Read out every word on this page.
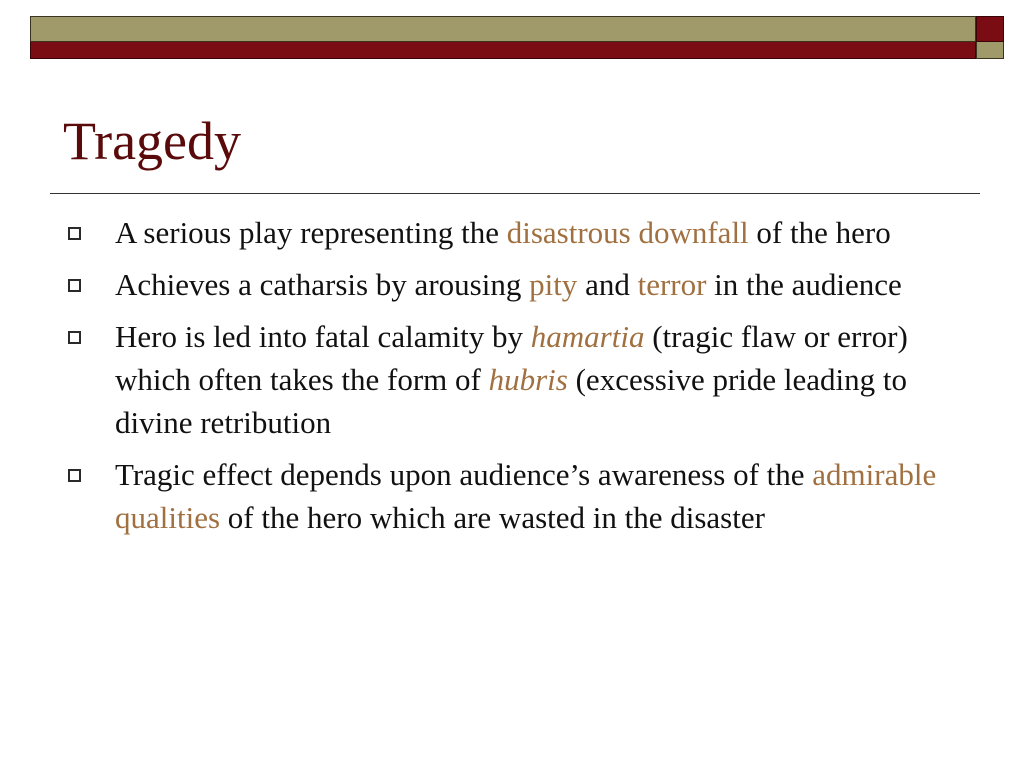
Tragedy
A serious play representing the disastrous downfall of the hero
Achieves a catharsis by arousing pity and terror in the audience
Hero is led into fatal calamity by hamartia (tragic flaw or error) which often takes the form of hubris (excessive pride leading to divine retribution
Tragic effect depends upon audience’s awareness of the admirable qualities of the hero which are wasted in the disaster
